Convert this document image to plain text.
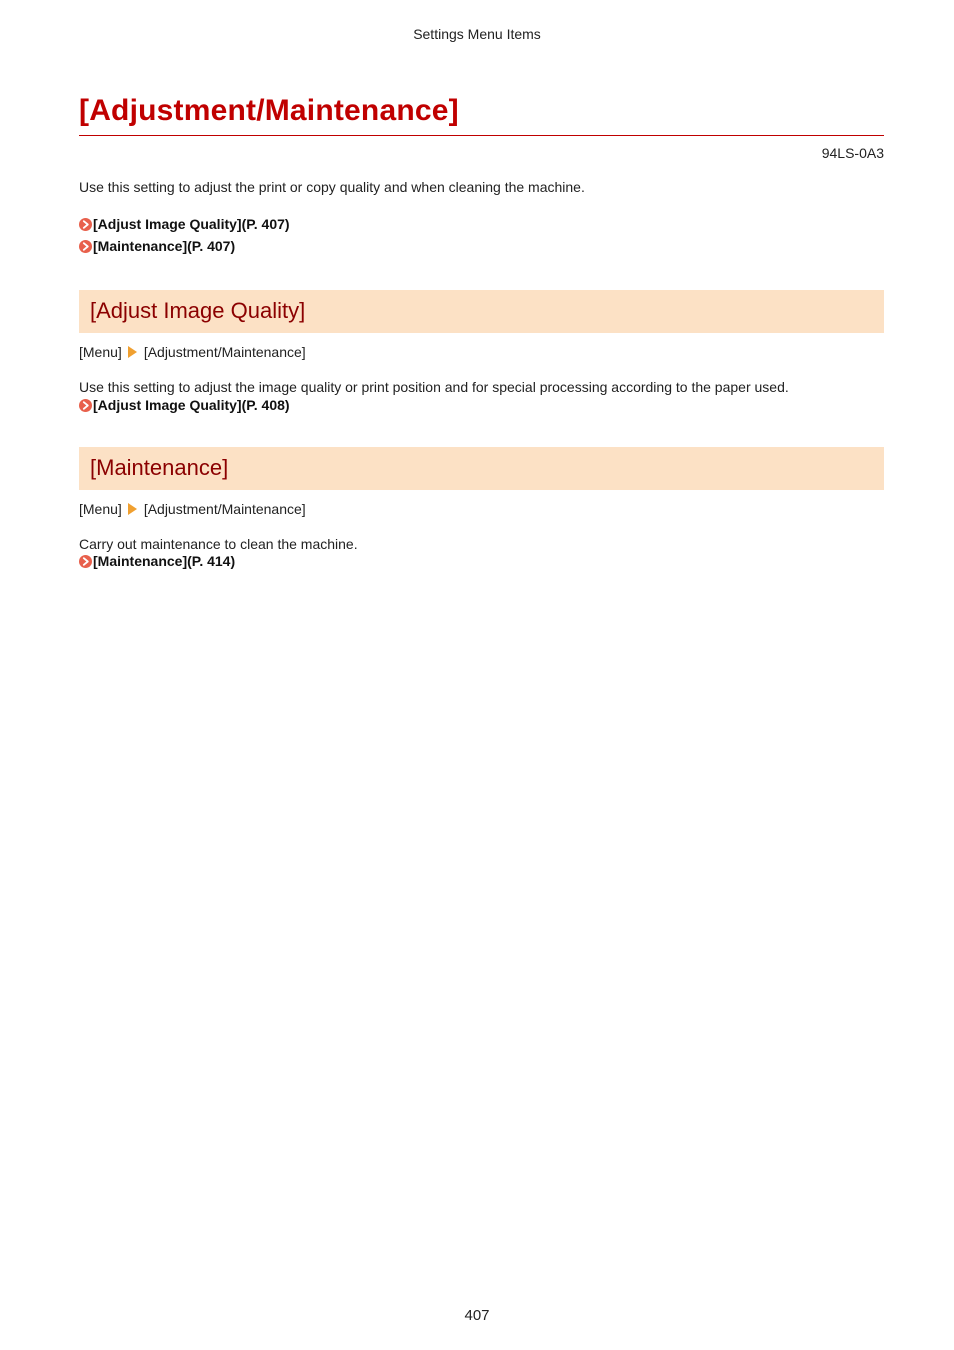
Settings Menu Items
[Adjustment/Maintenance]
94LS-0A3
Use this setting to adjust the print or copy quality and when cleaning the machine.
[Adjust Image Quality](P. 407)
[Maintenance](P. 407)
[Adjust Image Quality]
[Menu] [Adjustment/Maintenance]
Use this setting to adjust the image quality or print position and for special processing according to the paper used.
[Adjust Image Quality](P. 408)
[Maintenance]
[Menu] [Adjustment/Maintenance]
Carry out maintenance to clean the machine.
[Maintenance](P. 414)
407
